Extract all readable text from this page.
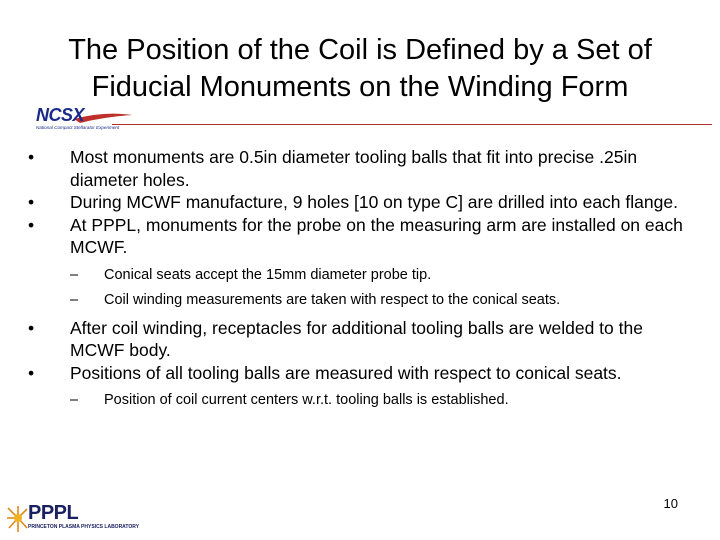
The Position of the Coil is Defined by a Set of Fiducial Monuments on the Winding Form
NCSX
National Compact Stellarator Experiment
•	Most monuments are 0.5in diameter tooling balls that fit into precise .25in diameter holes.
•	During MCWF manufacture, 9 holes [10 on type C] are drilled into each flange.
•	At PPPL, monuments for the probe on the measuring arm are installed on each MCWF.
–	Conical seats accept the 15mm diameter probe tip.
–	Coil winding measurements are taken with respect to the conical seats.
•	After coil winding, receptacles for additional tooling balls are welded to the MCWF body.
•	Positions of all tooling balls are measured with respect to conical seats.
–	Position of coil current centers w.r.t. tooling balls is established.
PPPL
PRINCETON PLASMA PHYSICS LABORATORY
10
